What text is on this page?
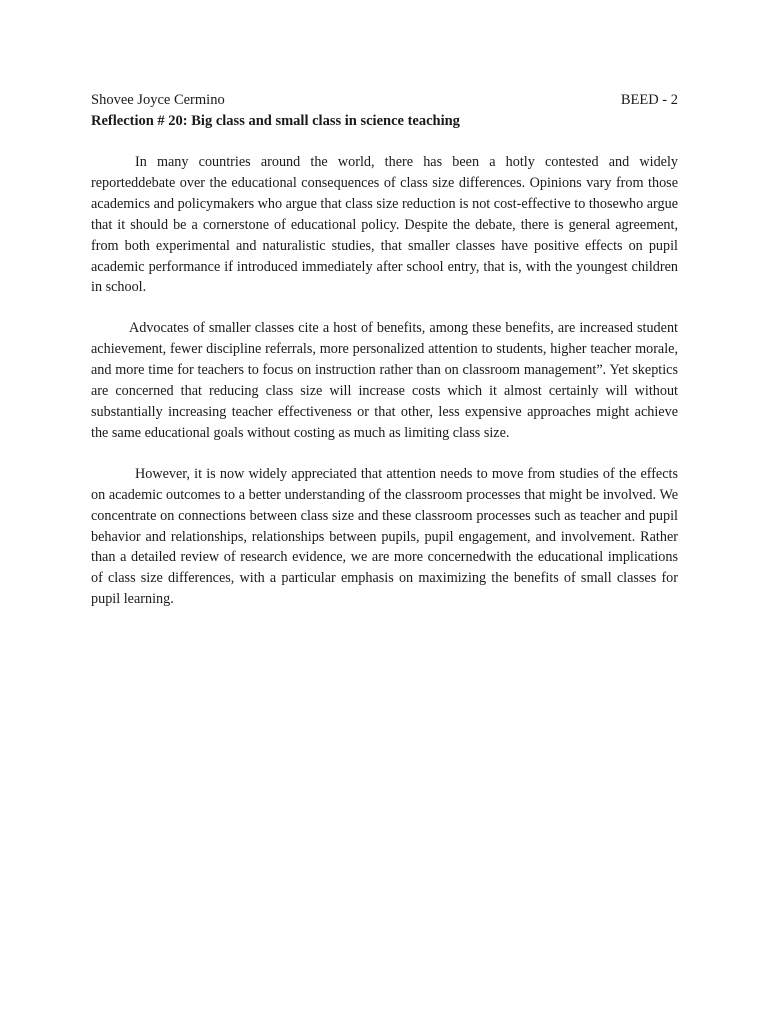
Shovee Joyce Cermino	BEED - 2
Reflection # 20: Big class and small class in science teaching

In many countries around the world, there has been a hotly contested and widely reporteddebate over the educational consequences of class size differences. Opinions vary from those academics and policymakers who argue that class size reduction is not cost-effective to thosewho argue that it should be a cornerstone of educational policy. Despite the debate, there is general agreement, from both experimental and naturalistic studies, that smaller classes have positive effects on pupil academic performance if introduced immediately after school entry, that is, with the youngest children in school.

Advocates of smaller classes cite a host of benefits, among these benefits, are increased student achievement, fewer discipline referrals, more personalized attention to students, higher teacher morale, and more time for teachers to focus on instruction rather than on classroom management”. Yet skeptics are concerned that reducing class size will increase costs which it almost certainly will without substantially increasing teacher effectiveness or that other, less expensive approaches might achieve the same educational goals without costing as much as limiting class size.

However, it is now widely appreciated that attention needs to move from studies of the effects on academic outcomes to a better understanding of the classroom processes that might be involved. We concentrate on connections between class size and these classroom processes such as teacher and pupil behavior and relationships, relationships between pupils, pupil engagement, and involvement. Rather than a detailed review of research evidence, we are more concernedwith the educational implications of class size differences, with a particular emphasis on maximizing the benefits of small classes for pupil learning.
